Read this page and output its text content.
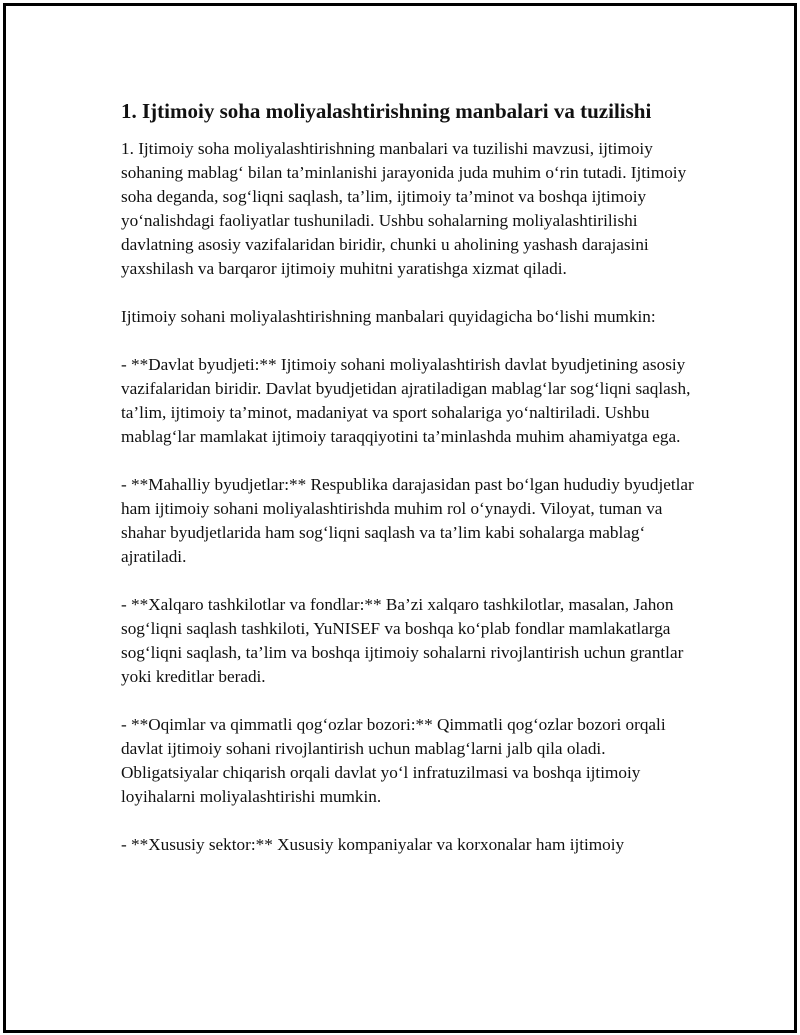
1. Ijtimoiy soha moliyalashtirishning manbalari va tuzilishi

1. Ijtimoiy soha moliyalashtirishning manbalari va tuzilishi mavzusi, ijtimoiy sohaning mablag‘ bilan ta’minlanishi jarayonida juda muhim o‘rin tutadi. Ijtimoiy soha deganda, sog‘liqni saqlash, ta’lim, ijtimoiy ta’minot va boshqa ijtimoiy yo‘nalishdagi faoliyatlar tushuniladi. Ushbu sohalarning moliyalashtirilishi davlatning asosiy vazifalaridan biridir, chunki u aholining yashash darajasini yaxshilash va barqaror ijtimoiy muhitni yaratishga xizmat qiladi.

Ijtimoiy sohani moliyalashtirishning manbalari quyidagicha bo‘lishi mumkin:

- **Davlat byudjeti:** Ijtimoiy sohani moliyalashtirish davlat byudjetining asosiy vazifalaridan biridir. Davlat byudjetidan ajratiladigan mablag‘lar sog‘liqni saqlash, ta’lim, ijtimoiy ta’minot, madaniyat va sport sohalariga yo‘naltiriladi. Ushbu mablag‘lar mamlakat ijtimoiy taraqqiyotini ta’minlashda muhim ahamiyatga ega.

- **Mahalliy byudjetlar:** Respublika darajasidan past bo‘lgan hududiy byudjetlar ham ijtimoiy sohani moliyalashtirishda muhim rol o‘ynaydi. Viloyat, tuman va shahar byudjetlarida ham sog‘liqni saqlash va ta’lim kabi sohalarga mablag‘ ajratiladi.

- **Xalqaro tashkilotlar va fondlar:** Ba’zi xalqaro tashkilotlar, masalan, Jahon sog‘liqni saqlash tashkiloti, YuNISEF va boshqa ko‘plab fondlar mamlakatlarga sog‘liqni saqlash, ta’lim va boshqa ijtimoiy sohalarni rivojlantirish uchun grantlar yoki kreditlar beradi.

- **Oqimlar va qimmatli qog‘ozlar bozori:** Qimmatli qog‘ozlar bozori orqali davlat ijtimoiy sohani rivojlantirish uchun mablag‘larni jalb qila oladi. Obligatsiyalar chiqarish orqali davlat yo‘l infratuzilmasi va boshqa ijtimoiy loyihalarni moliyalashtirishi mumkin.

- **Xususiy sektor:** Xususiy kompaniyalar va korxonalar ham ijtimoiy
